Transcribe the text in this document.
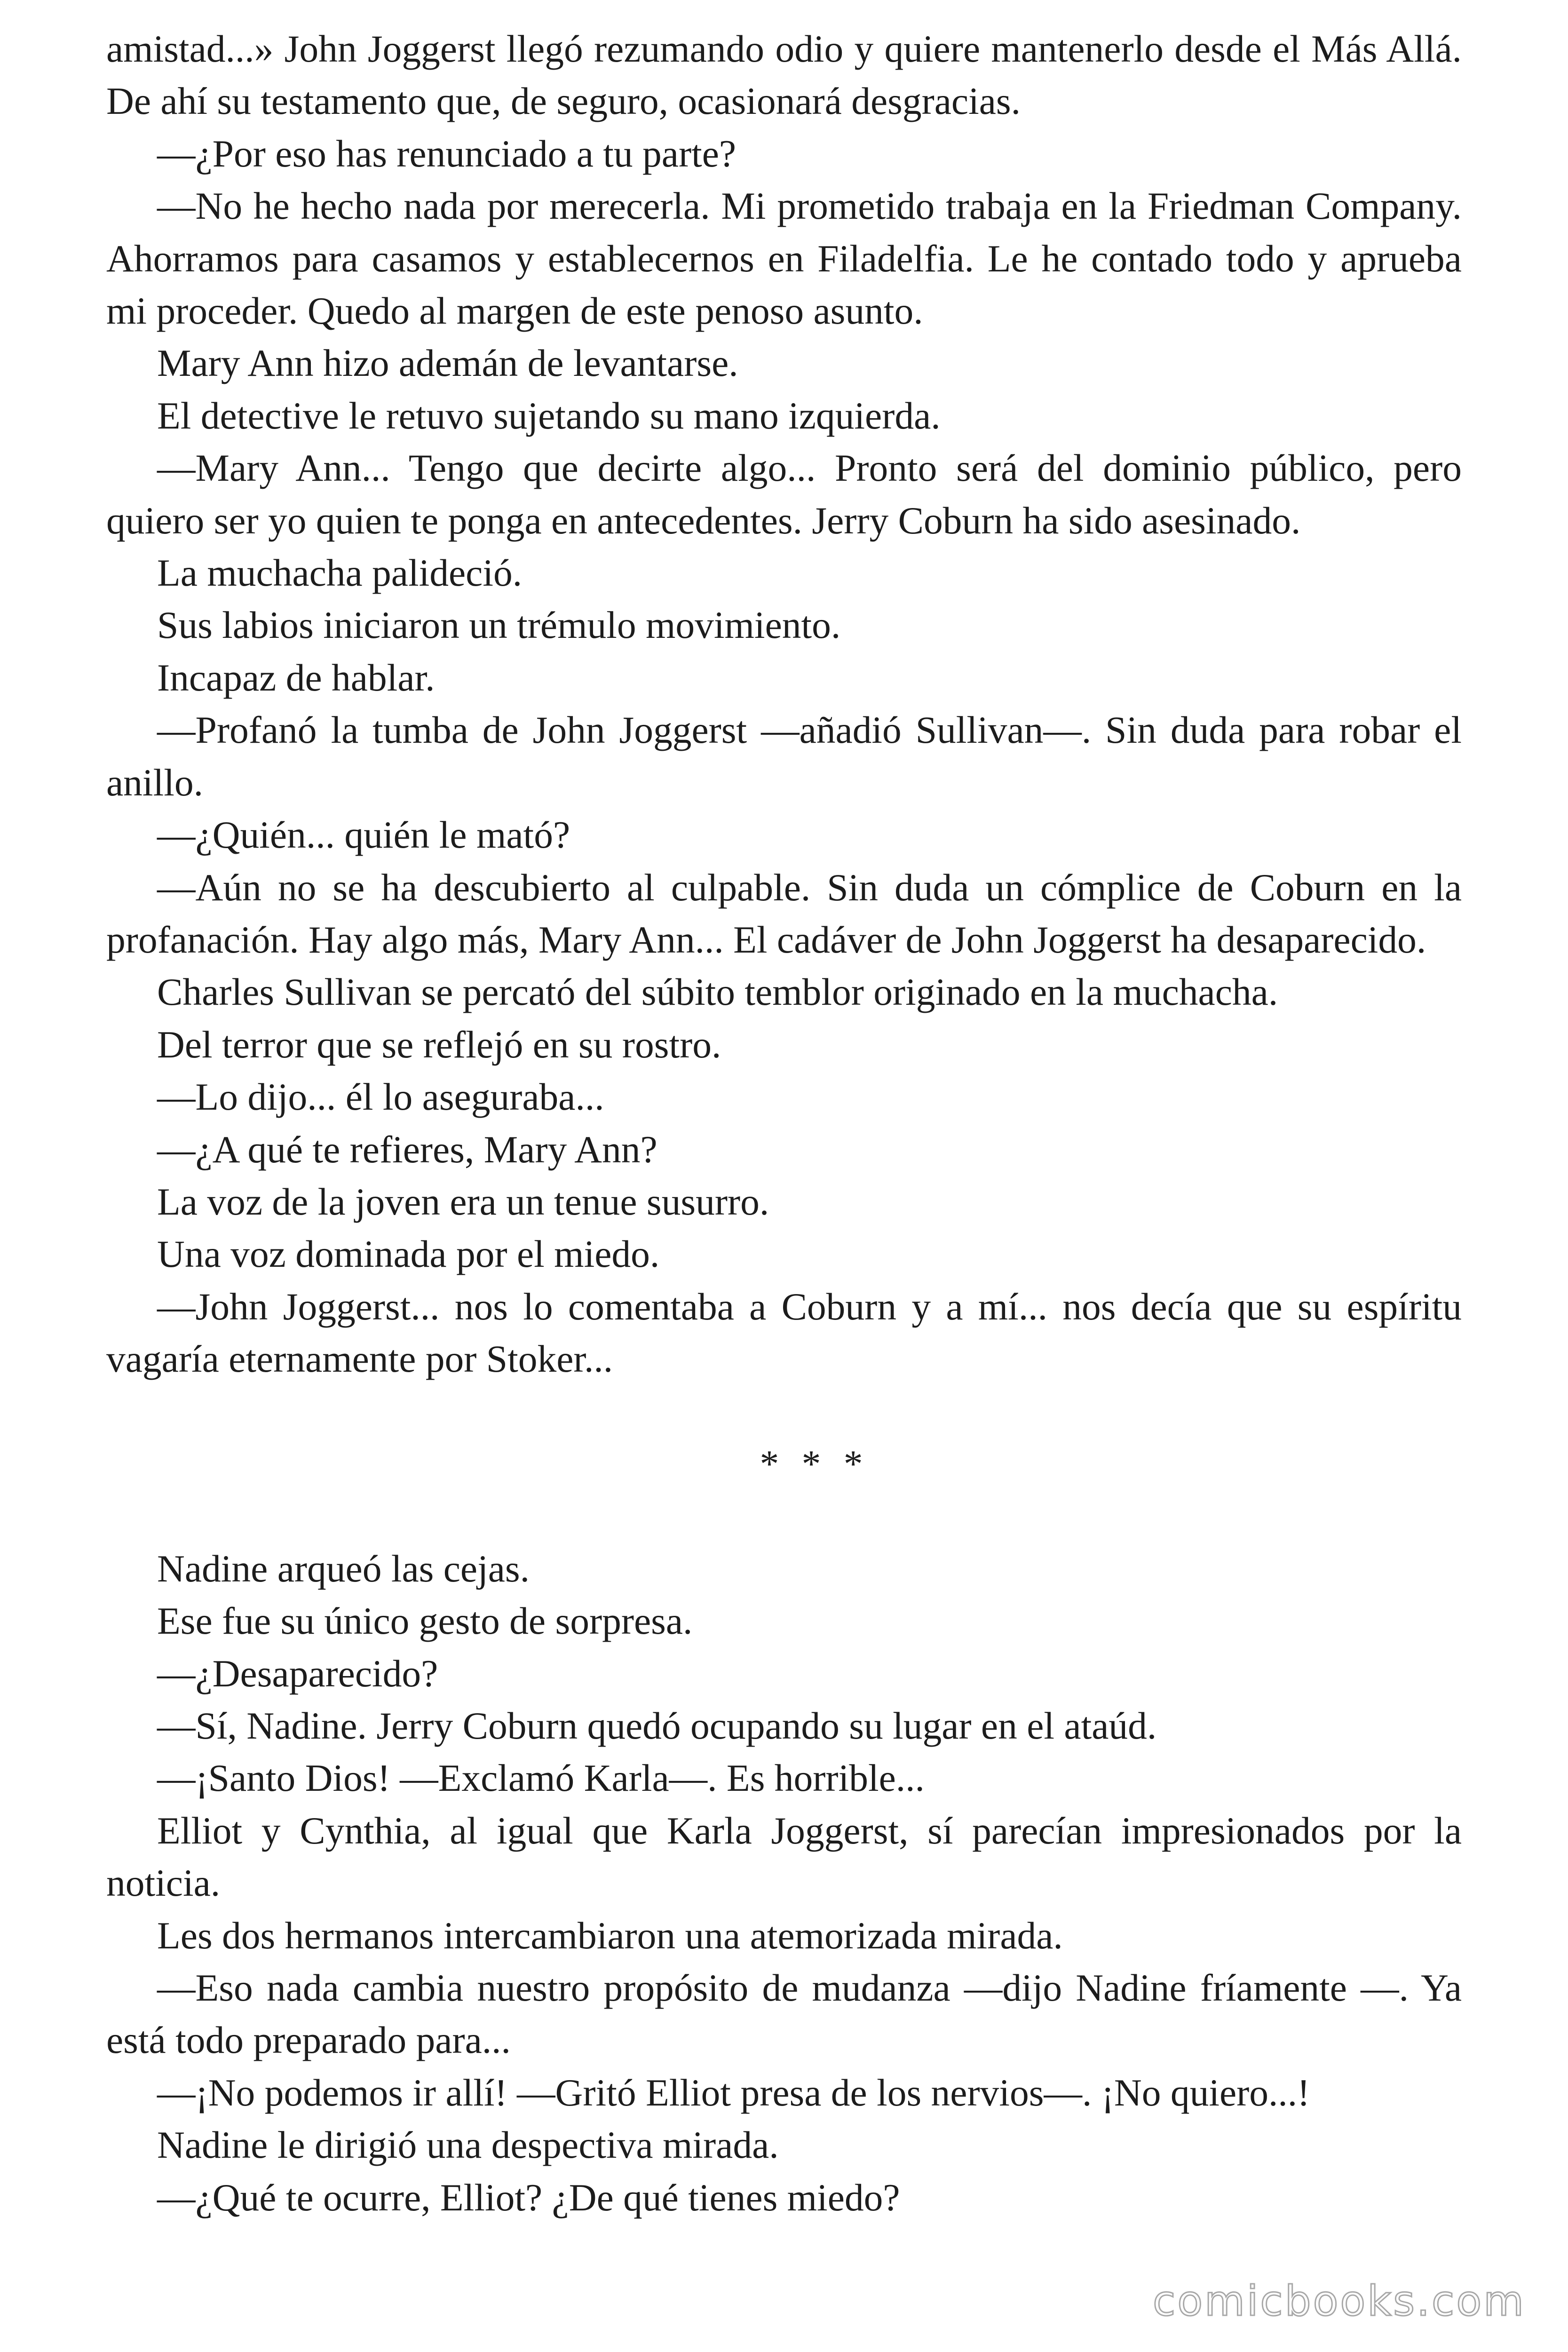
amistad...» John Joggerst llegó rezumando odio y quiere mantenerlo desde el Más Allá. De ahí su testamento que, de seguro, ocasionará desgracias.

—¿Por eso has renunciado a tu parte?

—No he hecho nada por merecerla. Mi prometido trabaja en la Friedman Company. Ahorramos para casamos y establecernos en Filadelfia. Le he contado todo y aprueba mi proceder. Quedo al margen de este penoso asunto.

Mary Ann hizo ademán de levantarse.

El detective le retuvo sujetando su mano izquierda.

—Mary Ann... Tengo que decirte algo... Pronto será del dominio público, pero quiero ser yo quien te ponga en antecedentes. Jerry Coburn ha sido asesinado.

La muchacha palideció.

Sus labios iniciaron un trémulo movimiento.

Incapaz de hablar.

—Profanó la tumba de John Joggerst —añadió Sullivan—. Sin duda para robar el anillo.

—¿Quién... quién le mató?

—Aún no se ha descubierto al culpable. Sin duda un cómplice de Coburn en la profanación. Hay algo más, Mary Ann... El cadáver de John Joggerst ha desaparecido.

Charles Sullivan se percató del súbito temblor originado en la muchacha.

Del terror que se reflejó en su rostro.

—Lo dijo... él lo aseguraba...

—¿A qué te refieres, Mary Ann?

La voz de la joven era un tenue susurro.

Una voz dominada por el miedo.

—John Joggerst... nos lo comentaba a Coburn y a mí... nos decía que su espíritu vagaría eternamente por Stoker...

* * *

Nadine arqueó las cejas.

Ese fue su único gesto de sorpresa.

—¿Desaparecido?

—Sí, Nadine. Jerry Coburn quedó ocupando su lugar en el ataúd.

—¡Santo Dios! —Exclamó Karla—. Es horrible...

Elliot y Cynthia, al igual que Karla Joggerst, sí parecían impresionados por la noticia.

Les dos hermanos intercambiaron una atemorizada mirada.

—Eso nada cambia nuestro propósito de mudanza —dijo Nadine fríamente —. Ya está todo preparado para...

—¡No podemos ir allí! —Gritó Elliot presa de los nervios—. ¡No quiero...!

Nadine le dirigió una despectiva mirada.

—¿Qué te ocurre, Elliot? ¿De qué tienes miedo?

comicbooks.com
